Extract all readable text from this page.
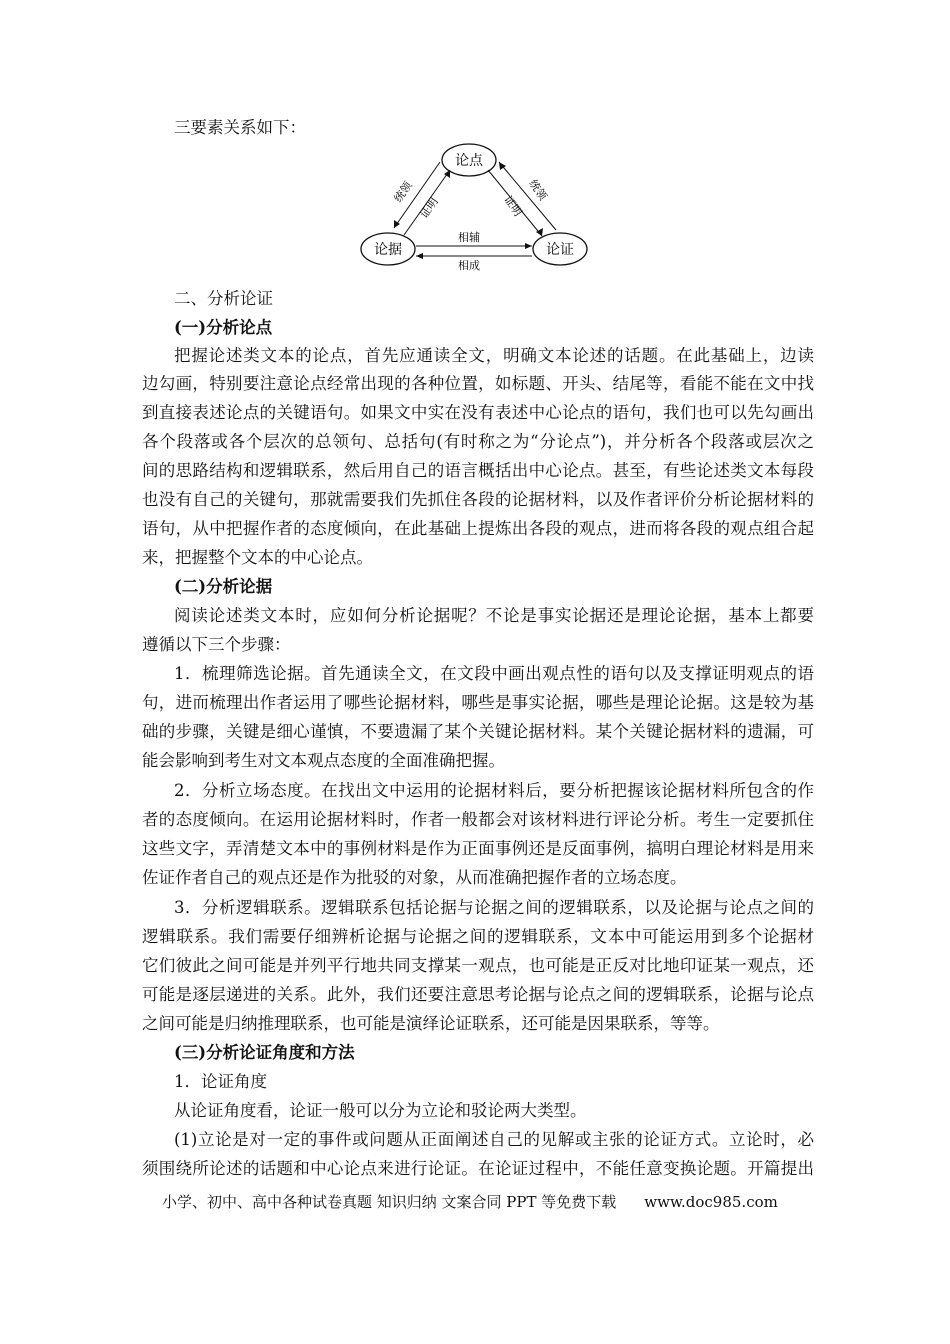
三要素关系如下：
论点
论据	论证
相辅
相成
统领
证明	证明
统领
二、分析论证
(一)分析论点
把握论述类文本的论点，首先应通读全文，明确文本论述的话题。在此基础上，边读
边勾画，特别要注意论点经常出现的各种位置，如标题、开头、结尾等，看能不能在文中找
到直接表述论点的关键语句。如果文中实在没有表述中心论点的语句，我们也可以先勾画出
各个段落或各个层次的总领句、总括句(有时称之为“分论点”)，并分析各个段落或层次之
间的思路结构和逻辑联系，然后用自己的语言概括出中心论点。甚至，有些论述类文本每段
也没有自己的关键句，那就需要我们先抓住各段的论据材料，以及作者评价分析论据材料的
语句，从中把握作者的态度倾向，在此基础上提炼出各段的观点，进而将各段的观点组合起
来，把握整个文本的中心论点。
(二)分析论据
阅读论述类文本时，应如何分析论据呢？不论是事实论据还是理论论据，基本上都要
遵循以下三个步骤：
1．梳理筛选论据。首先通读全文，在文段中画出观点性的语句以及支撑证明观点的语
句，进而梳理出作者运用了哪些论据材料，哪些是事实论据，哪些是理论论据。这是较为基
础的步骤，关键是细心谨慎，不要遗漏了某个关键论据材料。某个关键论据材料的遗漏，可
能会影响到考生对文本观点态度的全面准确把握。
2．分析立场态度。在找出文中运用的论据材料后，要分析把握该论据材料所包含的作
者的态度倾向。在运用论据材料时，作者一般都会对该材料进行评论分析。考生一定要抓住
这些文字，弄清楚文本中的事例材料是作为正面事例还是反面事例，搞明白理论材料是用来
佐证作者自己的观点还是作为批驳的对象，从而准确把握作者的立场态度。
3．分析逻辑联系。逻辑联系包括论据与论据之间的逻辑联系，以及论据与论点之间的
逻辑联系。我们需要仔细辨析论据与论据之间的逻辑联系，文本中可能运用到多个论据材
它们彼此之间可能是并列平行地共同支撑某一观点，也可能是正反对比地印证某一观点，还
可能是逐层递进的关系。此外，我们还要注意思考论据与论点之间的逻辑联系，论据与论点
之间可能是归纳推理联系，也可能是演绎论证联系，还可能是因果联系，等等。
(三)分析论证角度和方法
1．论证角度
从论证角度看，论证一般可以分为立论和驳论两大类型。
(1)立论是对一定的事件或问题从正面阐述自己的见解或主张的论证方式。立论时，必
须围绕所论述的话题和中心论点来进行论证。在论证过程中，不能任意变换论题。开篇提出
小学、初中、高中各种试卷真题 知识归纳 文案合同 PPT 等免费下载 www.doc985.com
